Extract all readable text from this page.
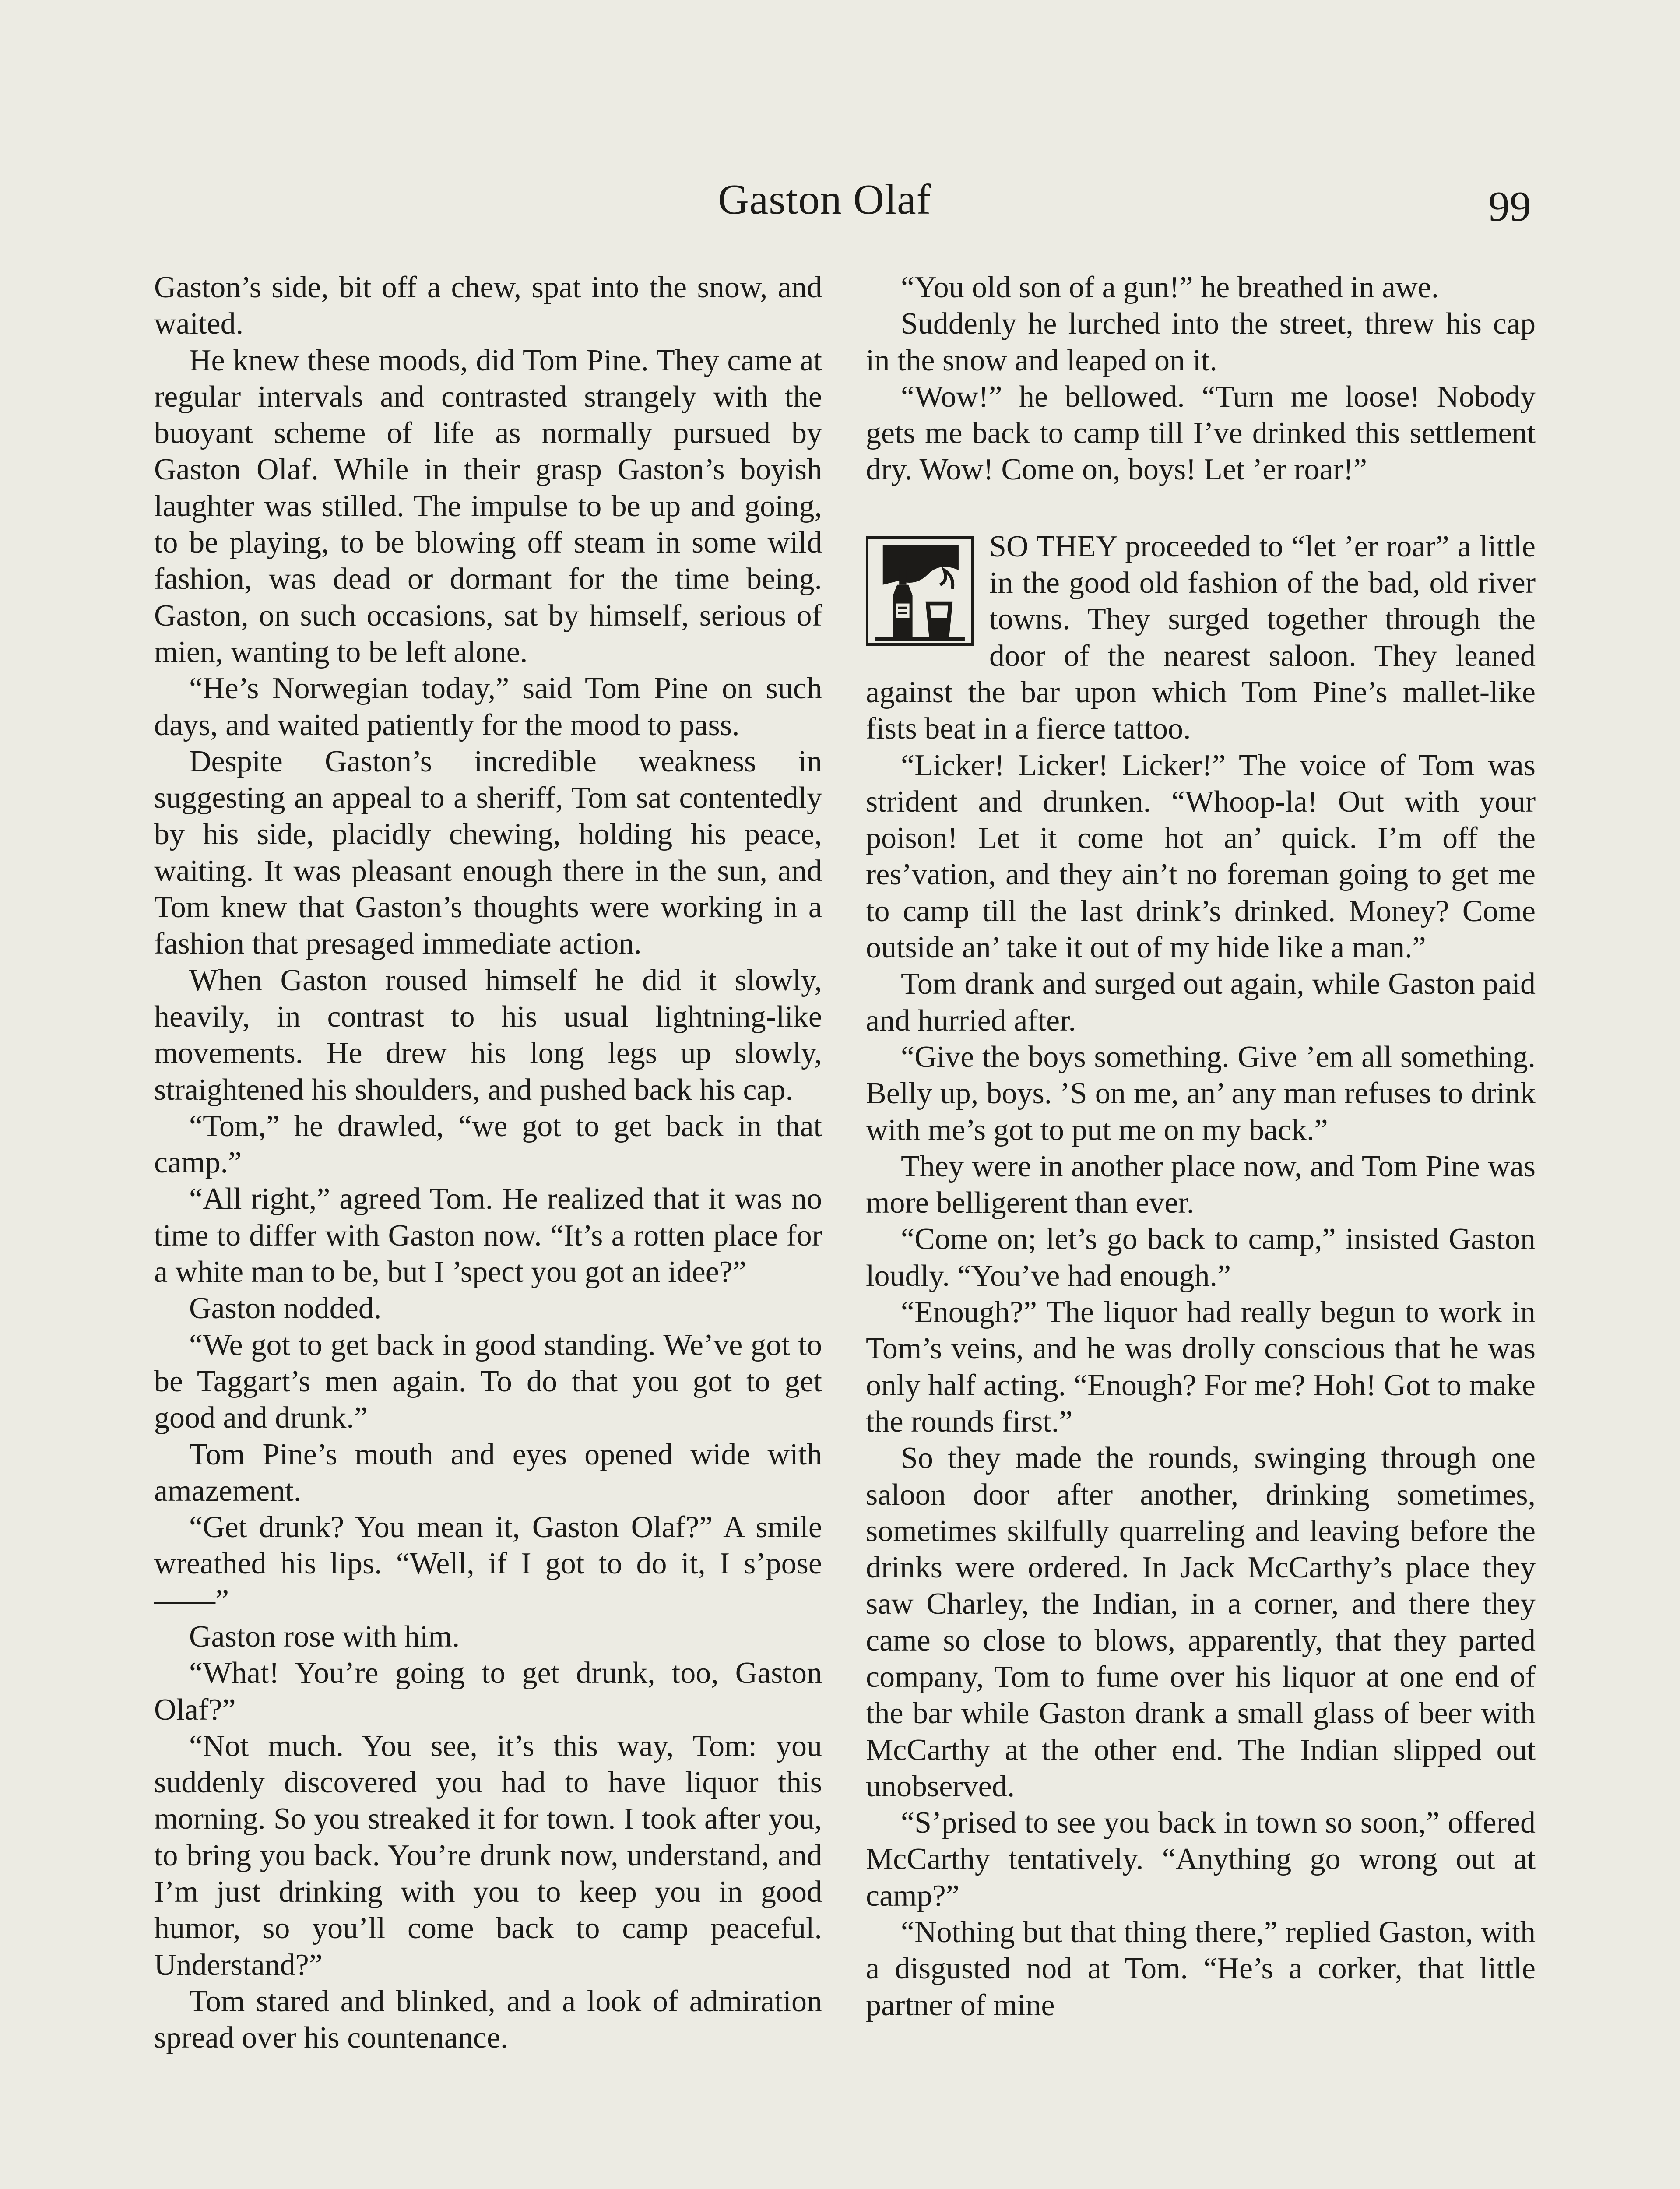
Gaston Olaf	99

Gaston’s side, bit off a chew, spat into the snow, and waited.

He knew these moods, did Tom Pine. They came at regular intervals and contrasted strangely with the buoyant scheme of life as normally pursued by Gaston Olaf. While in their grasp Gaston’s boyish laughter was stilled. The impulse to be up and going, to be playing, to be blowing off steam in some wild fashion, was dead or dormant for the time being. Gaston, on such occasions, sat by himself, serious of mien, wanting to be left alone.

“He’s Norwegian today,” said Tom Pine on such days, and waited patiently for the mood to pass.

Despite Gaston’s incredible weakness in suggesting an appeal to a sheriff, Tom sat contentedly by his side, placidly chewing, holding his peace, waiting. It was pleasant enough there in the sun, and Tom knew that Gaston’s thoughts were working in a fashion that presaged immediate action.

When Gaston roused himself he did it slowly, heavily, in contrast to his usual lightning-like movements. He drew his long legs up slowly, straightened his shoulders, and pushed back his cap.

“Tom,” he drawled, “we got to get back in that camp.”

“All right,” agreed Tom. He realized that it was no time to differ with Gaston now. “It’s a rotten place for a white man to be, but I ’spect you got an idee?”

Gaston nodded.

“We got to get back in good standing. We’ve got to be Taggart’s men again. To do that you got to get good and drunk.”

Tom Pine’s mouth and eyes opened wide with amazement.

“Get drunk? You mean it, Gaston Olaf?” A smile wreathed his lips. “Well, if I got to do it, I s’pose——”

Gaston rose with him.

“What! You’re going to get drunk, too, Gaston Olaf?”

“Not much. You see, it’s this way, Tom: you suddenly discovered you had to have liquor this morning. So you streaked it for town. I took after you, to bring you back. You’re drunk now, understand, and I’m just drinking with you to keep you in good humor, so you’ll come back to camp peaceful. Understand?”

Tom stared and blinked, and a look of admiration spread over his countenance.

“You old son of a gun!” he breathed in awe.

Suddenly he lurched into the street, threw his cap in the snow and leaped on it.

“Wow!” he bellowed. “Turn me loose! Nobody gets me back to camp till I’ve drinked this settlement dry. Wow! Come on, boys! Let ’er roar!”

SO THEY proceeded to “let ’er roar” a little in the good old fashion of the bad, old river towns. They surged together through the door of the nearest saloon. They leaned against the bar upon which Tom Pine’s mallet-like fists beat in a fierce tattoo.

“Licker! Licker! Licker!” The voice of Tom was strident and drunken. “Whoop-la! Out with your poison! Let it come hot an’ quick. I’m off the res’vation, and they ain’t no foreman going to get me to camp till the last drink’s drinked. Money? Come outside an’ take it out of my hide like a man.”

Tom drank and surged out again, while Gaston paid and hurried after.

“Give the boys something. Give ’em all something. Belly up, boys. ’S on me, an’ any man refuses to drink with me’s got to put me on my back.”

They were in another place now, and Tom Pine was more belligerent than ever.

“Come on; let’s go back to camp,” insisted Gaston loudly. “You’ve had enough.”

“Enough?” The liquor had really begun to work in Tom’s veins, and he was drolly conscious that he was only half acting. “Enough? For me? Hoh! Got to make the rounds first.”

So they made the rounds, swinging through one saloon door after another, drinking sometimes, sometimes skilfully quarreling and leaving before the drinks were ordered. In Jack McCarthy’s place they saw Charley, the Indian, in a corner, and there they came so close to blows, apparently, that they parted company, Tom to fume over his liquor at one end of the bar while Gaston drank a small glass of beer with McCarthy at the other end. The Indian slipped out unobserved.

“S’prised to see you back in town so soon,” offered McCarthy tentatively. “Anything go wrong out at camp?”

“Nothing but that thing there,” replied Gaston, with a disgusted nod at Tom. “He’s a corker, that little partner of mine
